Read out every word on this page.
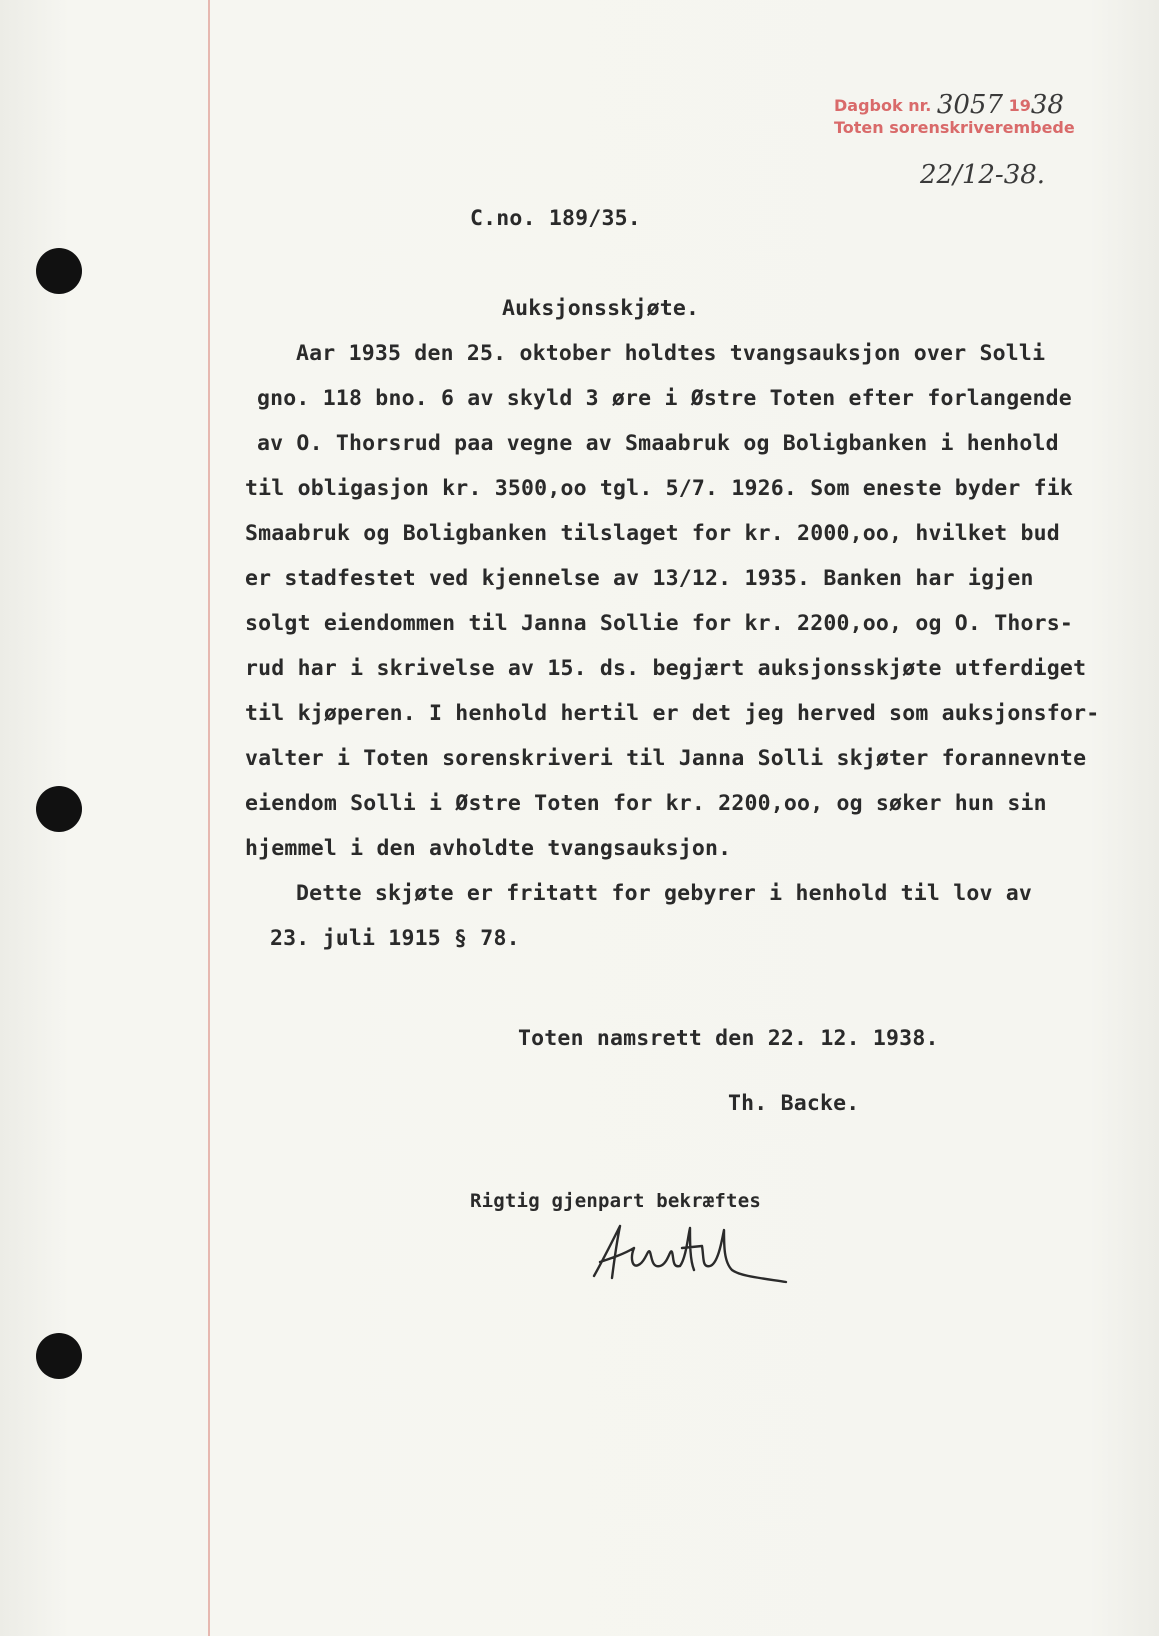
Dagbok nr. 3057 1938
Toten sorenskriverembede
22/12-38.
C.no. 189/35.
Auksjonsskjøte.
Aar 1935 den 25. oktober holdtes tvangsauksjon over Solli
gno. 118 bno. 6 av skyld 3 øre i Østre Toten efter forlangende
av O. Thorsrud paa vegne av Smaabruk og Boligbanken i henhold
til obligasjon kr. 3500,oo tgl. 5/7. 1926. Som eneste byder fik
Smaabruk og Boligbanken tilslaget for kr. 2000,oo, hvilket bud
er stadfestet ved kjennelse av 13/12. 1935. Banken har igjen
solgt eiendommen til Janna Sollie for kr. 2200,oo, og O. Thors-
rud har i skrivelse av 15. ds. begjært auksjonsskjøte utferdiget
til kjøperen. I henhold hertil er det jeg herved som auksjonsfor-
valter i Toten sorenskriveri til Janna Solli skjøter forannevnte
eiendom Solli i Østre Toten for kr. 2200,oo, og søker hun sin
hjemmel i den avholdte tvangsauksjon.
Dette skjøte er fritatt for gebyrer i henhold til lov av
23. juli 1915 § 78.
Toten namsrett den 22. 12. 1938.
Th. Backe.
Rigtig gjenpart bekræftes
